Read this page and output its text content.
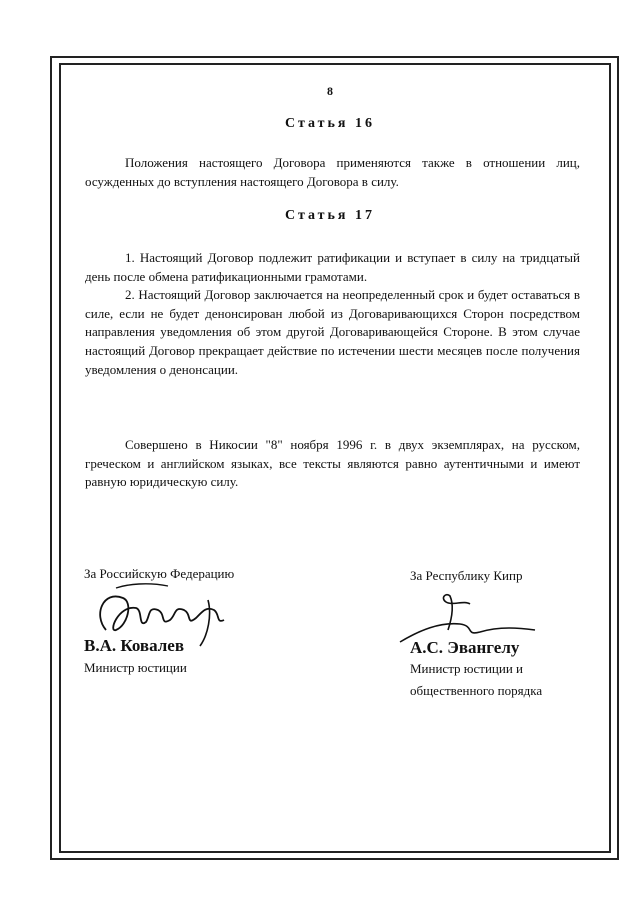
8
Статья 16
Положения настоящего Договора применяются также в отношении лиц, осужденных до вступления настоящего Договора в силу.
Статья 17
1. Настоящий Договор подлежит ратификации и вступает в силу на тридцатый день после обмена ратификационными грамотами.
2. Настоящий Договор заключается на неопределенный срок и будет оставаться в силе, если не будет денонсирован любой из Договаривающихся Сторон посредством направления уведомления об этом другой Договаривающейся Стороне. В этом случае настоящий Договор прекращает действие по истечении шести месяцев после получения уведомления о денонсации.
Совершено в Никосии "8" ноября 1996 г. в двух экземплярах, на русском, греческом и английском языках, все тексты являются равно аутентичными и имеют равную юридическую силу.
За Российскую Федерацию
В.А. Ковалев
Министр юстиции
За Республику Кипр
А.С. Эвангелу
Министр юстиции и
общественного порядка
